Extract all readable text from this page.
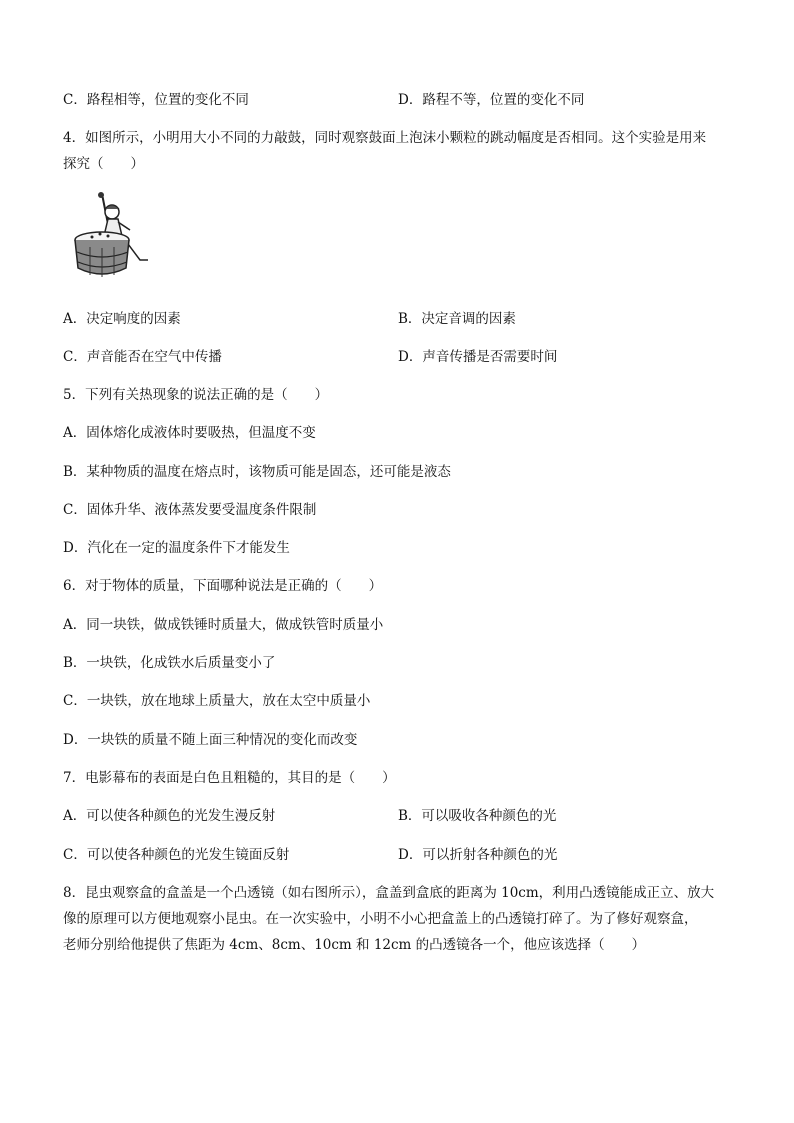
C．路程相等，位置的变化不同	D．路程不等，位置的变化不同
4．如图所示，小明用大小不同的力敲鼓，同时观察鼓面上泡沫小颗粒的跳动幅度是否相同。这个实验是用来
探究（　　）
A．决定响度的因素	B．决定音调的因素
C．声音能否在空气中传播	D．声音传播是否需要时间
5．下列有关热现象的说法正确的是（　　）
A．固体熔化成液体时要吸热，但温度不变
B．某种物质的温度在熔点时，该物质可能是固态，还可能是液态
C．固体升华、液体蒸发要受温度条件限制
D．汽化在一定的温度条件下才能发生
6．对于物体的质量，下面哪种说法是正确的（　　）
A．同一块铁，做成铁锤时质量大，做成铁管时质量小
B．一块铁，化成铁水后质量变小了
C．一块铁，放在地球上质量大，放在太空中质量小
D．一块铁的质量不随上面三种情况的变化而改变
7．电影幕布的表面是白色且粗糙的，其目的是（　　）
A．可以使各种颜色的光发生漫反射	B．可以吸收各种颜色的光
C．可以使各种颜色的光发生镜面反射	D．可以折射各种颜色的光
8．昆虫观察盒的盒盖是一个凸透镜（如右图所示），盒盖到盒底的距离为 10cm，利用凸透镜能成正立、放大
像的原理可以方便地观察小昆虫。在一次实验中，小明不小心把盒盖上的凸透镜打碎了。为了修好观察盒，
老师分别给他提供了焦距为 4cm、8cm、10cm 和 12cm 的凸透镜各一个，他应该选择（　　）
